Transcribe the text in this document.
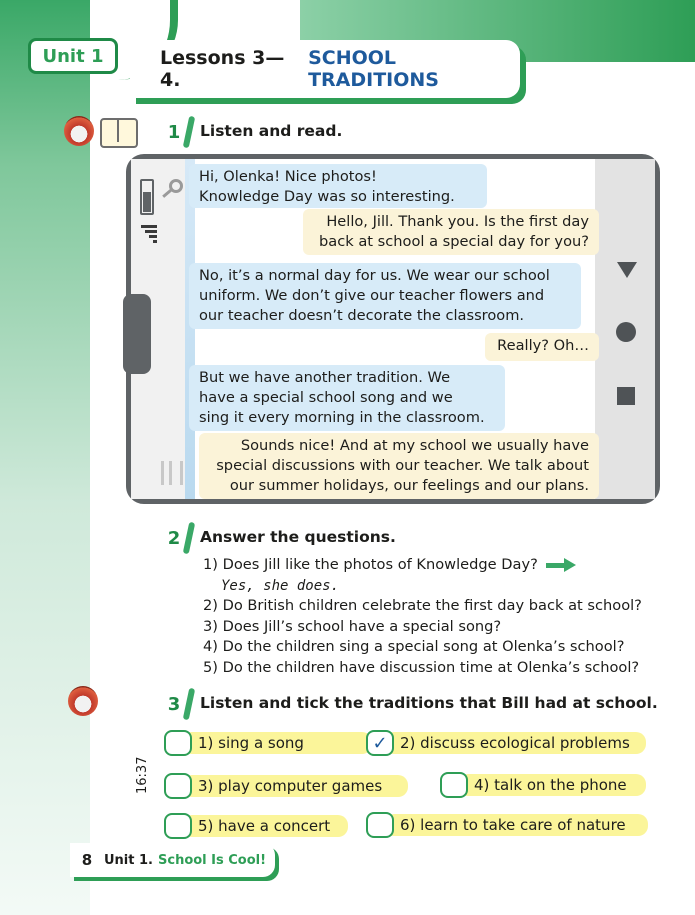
Unit 1	Lessons 3—4.
SCHOOL TRADITIONS
1	Listen and read.
16:37
Hi, Olenka! Nice photos!
Knowledge Day was so interesting.
Hello, Jill. Thank you. Is the first day
back at school a special day for you?
No, it’s a normal day for us. We wear our school
uniform. We don’t give our teacher flowers and
our teacher doesn’t decorate the classroom.
Really? Oh…
But we have another tradition. We
have a special school song and we
sing it every morning in the classroom.
Sounds nice! And at my school we usually have
special discussions with our teacher. We talk about
our summer holidays, our feelings and our plans.
2	Answer the questions.
1) Does Jill like the photos of Knowledge Day?
Yes, she does.
2) Do British children celebrate the first day back at school?
3) Does Jill’s school have a special song?
4) Do the children sing a special song at Olenka’s school?
5) Do the children have discussion time at Olenka’s school?
3	Listen and tick the traditions that Bill had at school.
1) sing a song	✓ 2) discuss ecological problems
3) play computer games	4) talk on the phone
5) have a concert	6) learn to take care of nature
8 Unit 1. School Is Cool!
